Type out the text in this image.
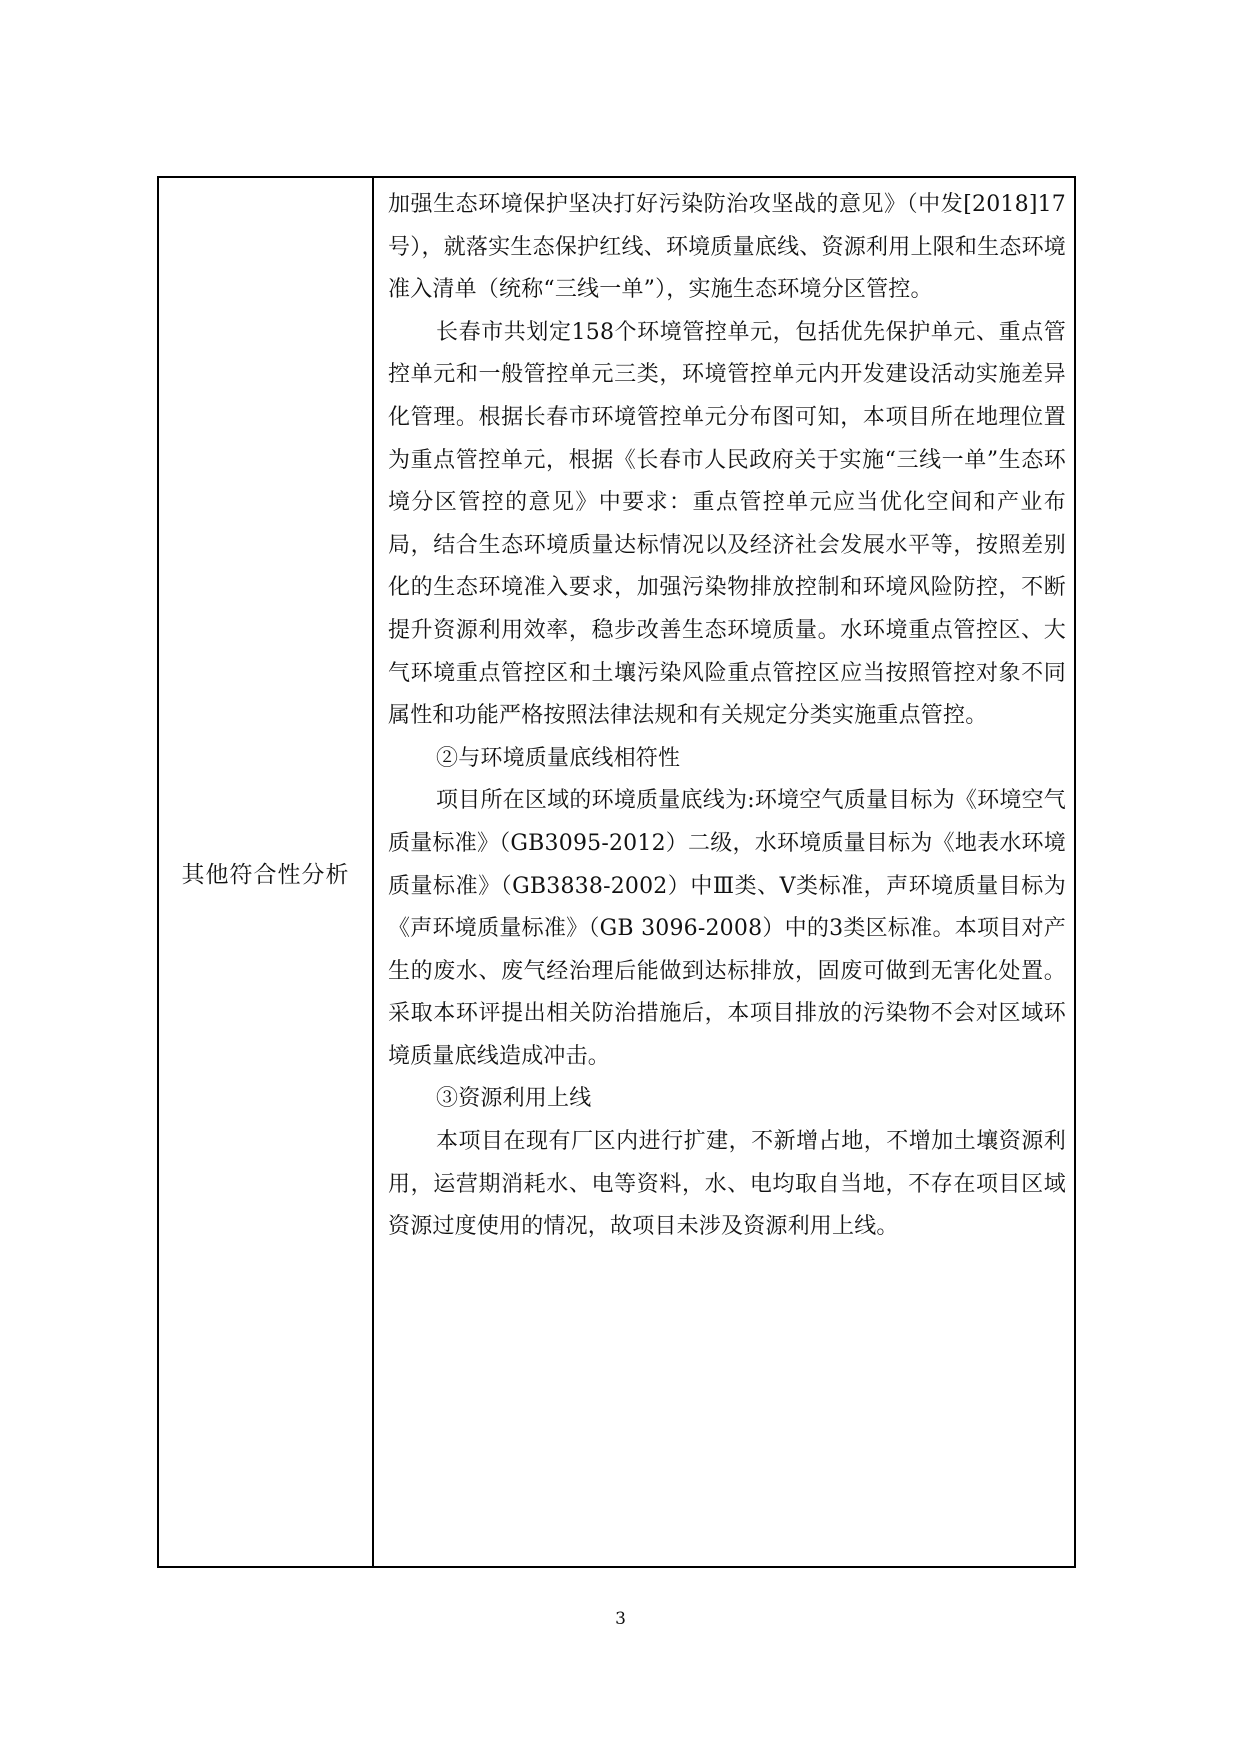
其他符合性分析	

加强生态环境保护坚决打好污染防治攻坚战的意见》（中发[2018]17号），就落实生态保护红线、环境质量底线、资源利用上限和生态环境准入清单（统称“三线一单”），实施生态环境分区管控。

长春市共划定158个环境管控单元，包括优先保护单元、重点管控单元和一般管控单元三类，环境管控单元内开发建设活动实施差异化管理。根据长春市环境管控单元分布图可知，本项目所在地理位置为重点管控单元，根据《长春市人民政府关于实施“三线一单”生态环境分区管控的意见》中要求：重点管控单元应当优化空间和产业布局，结合生态环境质量达标情况以及经济社会发展水平等，按照差别化的生态环境准入要求，加强污染物排放控制和环境风险防控，不断提升资源利用效率，稳步改善生态环境质量。水环境重点管控区、大气环境重点管控区和土壤污染风险重点管控区应当按照管控对象不同属性和功能严格按照法律法规和有关规定分类实施重点管控。

②与环境质量底线相符性

项目所在区域的环境质量底线为:环境空气质量目标为《环境空气质量标准》（GB3095-2012）二级，水环境质量目标为《地表水环境质量标准》（GB3838-2002）中Ⅲ类、Ⅴ类标准，声环境质量目标为《声环境质量标准》（GB 3096-2008）中的3类区标准。本项目对产生的废水、废气经治理后能做到达标排放，固废可做到无害化处置。采取本环评提出相关防治措施后，本项目排放的污染物不会对区域环境质量底线造成冲击。

③资源利用上线

本项目在现有厂区内进行扩建，不新增占地，不增加土壤资源利用，运营期消耗水、电等资料，水、电均取自当地，不存在项目区域资源过度使用的情况，故项目未涉及资源利用上线。

3
